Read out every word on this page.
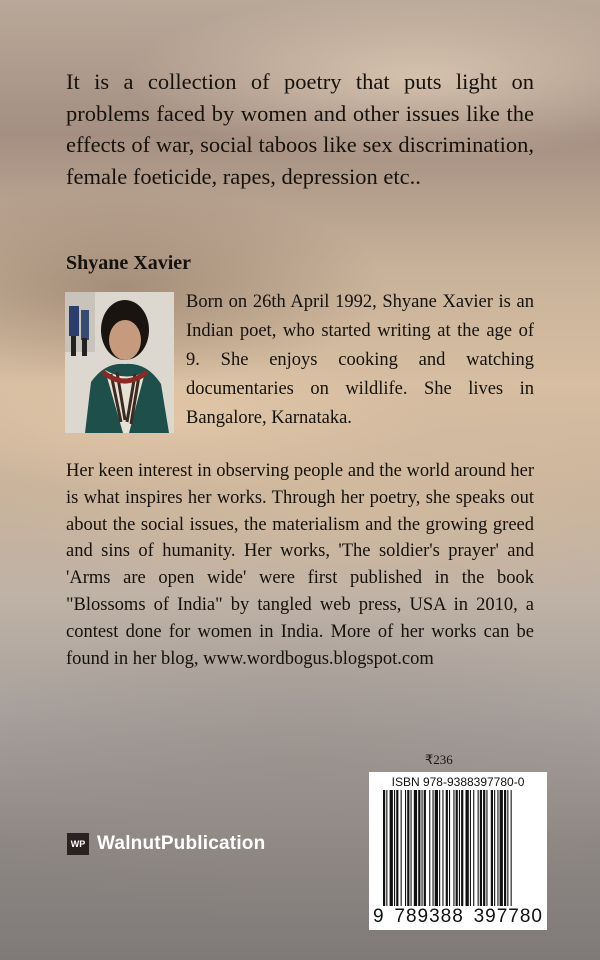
It is a collection of poetry that puts light on problems faced by women and other issues like the effects of war, social taboos like sex discrimination, female foeticide, rapes, depression etc..

Shyane Xavier

Born on 26th April 1992, Shyane Xavier is an Indian poet, who started writing at the age of 9. She enjoys cooking and watching documentaries on wildlife. She lives in Bangalore, Karnataka.

Her keen interest in observing people and the world around her is what inspires her works. Through her poetry, she speaks out about the social issues, the materialism and the growing greed and sins of humanity. Her works, 'The soldier's prayer' and 'Arms are open wide' were first published in the book "Blossoms of India" by tangled web press, USA in 2010, a contest done for women in India. More of her works can be found in her blog, www.wordbogus.blogspot.com

₹236
ISBN 978-9388397780-0
9 789388 397780
WP WalnutPublication
